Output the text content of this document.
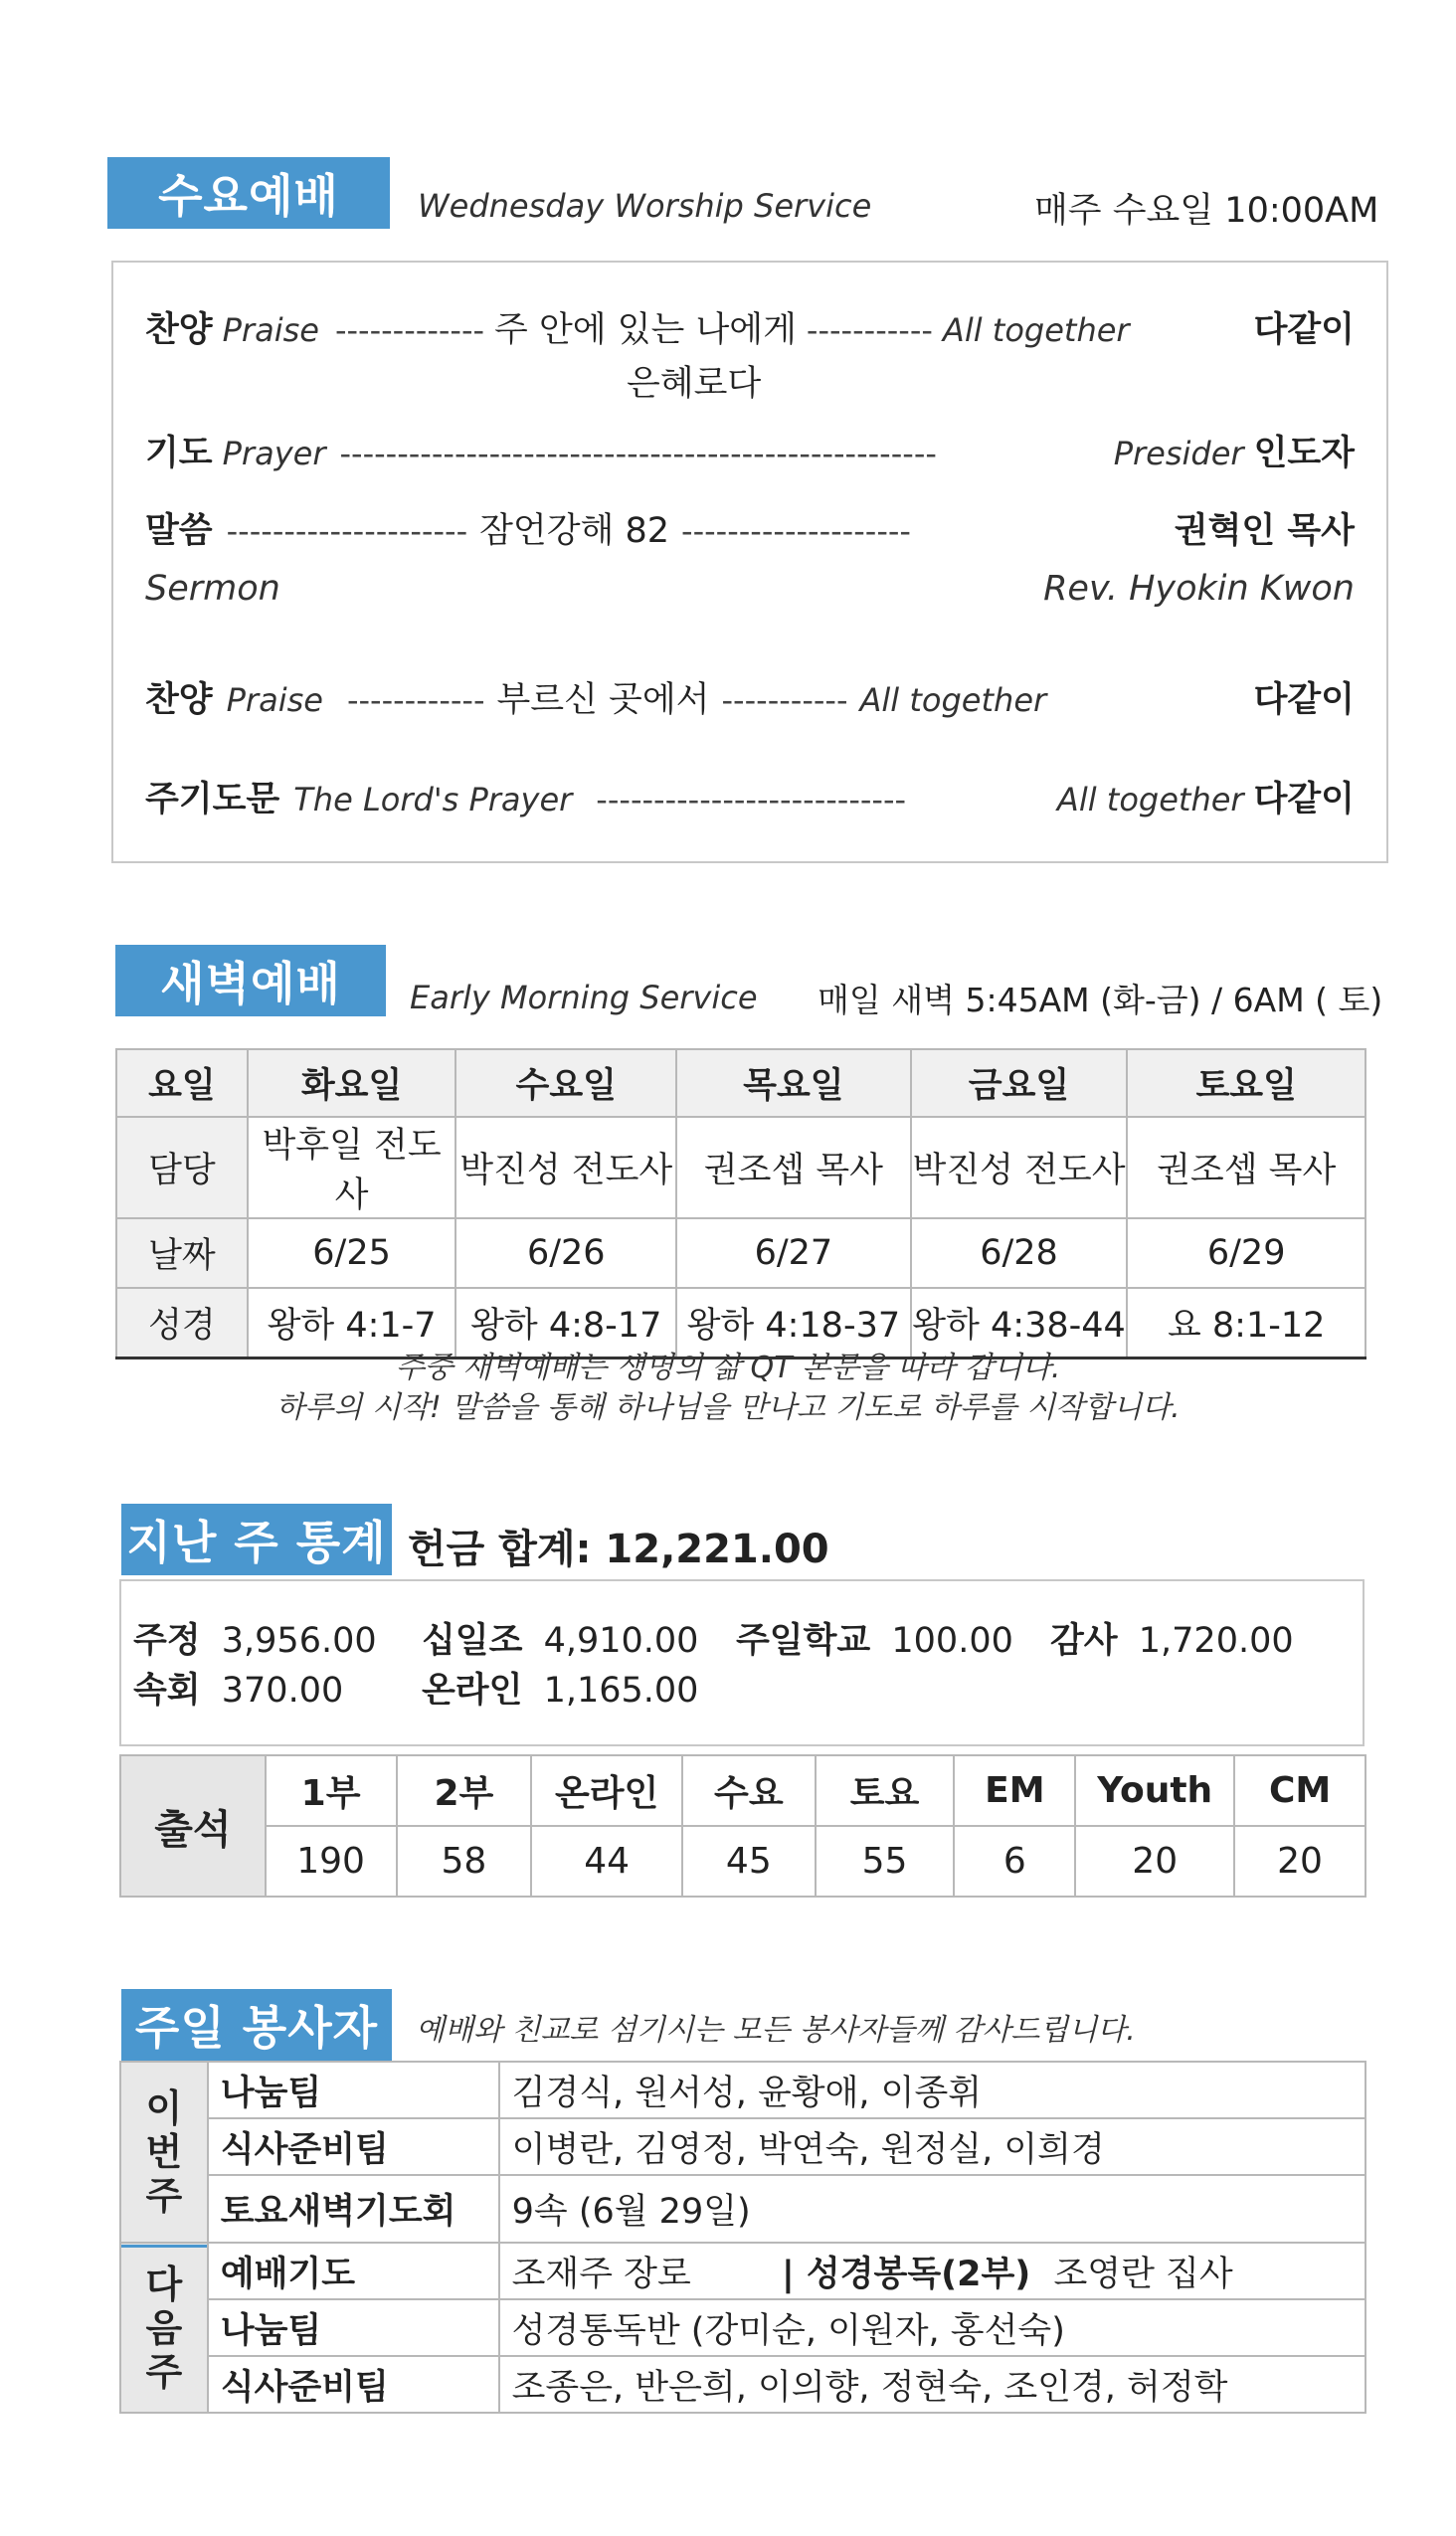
수요예배	Wednesday Worship Service	매주 수요일 10:00AM
찬양 Praise ------------- 주 안에 있는 나에게 ----------- All together	다같이
은혜로다
기도 Prayer ----------------------------------------------------	Presider 인도자
말씀 --------------------- 잠언강해 82 --------------------	권혁인 목사
Sermon	Rev. Hyokin Kwon
찬양 Praise ------------ 부르신 곳에서 ----------- All together	다같이
주기도문 The Lord's Prayer ---------------------------	All together 다같이
새벽예배	Early Morning Service 매일 새벽 5:45AM (화-금) / 6AM ( 토)
요일	화요일	수요일	목요일	금요일	토요일
담당	박후일 전도사	박진성 전도사	권조셉 목사	박진성 전도사	권조셉 목사
날짜	6/25	6/26	6/27	6/28	6/29
성경	왕하 4:1-7	왕하 4:8-17	왕하 4:18-37	왕하 4:38-44	요 8:1-12
주중 새벽예배는 생명의 삶 QT 본문을 따라 갑니다.
하루의 시작! 말씀을 통해 하나님을 만나고 기도로 하루를 시작합니다.
지난 주 통계 헌금 합계: 12,221.00
주정 3,956.00 십일조 4,910.00 주일학교 100.00 감사 1,720.00
속회 370.00 온라인 1,165.00
출석	1부	2부	온라인	수요	토요	EM	Youth	CM
	190	58	44	45	55	6	20	20
주일 봉사자	예배와 친교로 섬기시는 모든 봉사자들께 감사드립니다.
이
번
주	나눔팀	김경식, 원서성, 윤황애, 이종휘
	식사준비팀	이병란, 김영정, 박연숙, 원정실, 이희경
	토요새벽기도회	9속 (6월 29일)

다
음
주	예배기도	조재주 장로 | 성경봉독(2부) 조영란 집사
	나눔팀	성경통독반 (강미순, 이원자, 홍선숙)
	식사준비팀	조종은, 반은희, 이의향, 정현숙, 조인경, 허정학
